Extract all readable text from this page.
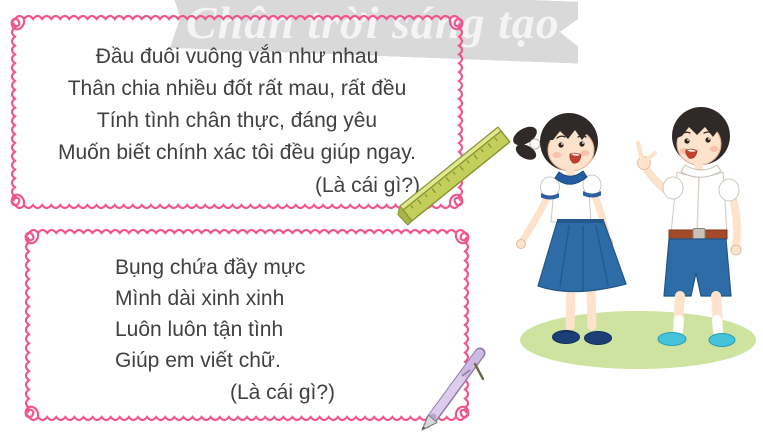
Chân trời sáng tạo

Đầu đuôi vuông vắn như nhau

Thân chia nhiều đốt rất mau, rất đều

Tính tình chân thực, đáng yêu

Muốn biết chính xác tôi đều giúp ngay.

(Là cái gì?)

Bụng chứa đầy mực

Mình dài xinh xinh

Luôn luôn tận tình

Giúp em viết chữ.

(Là cái gì?)
